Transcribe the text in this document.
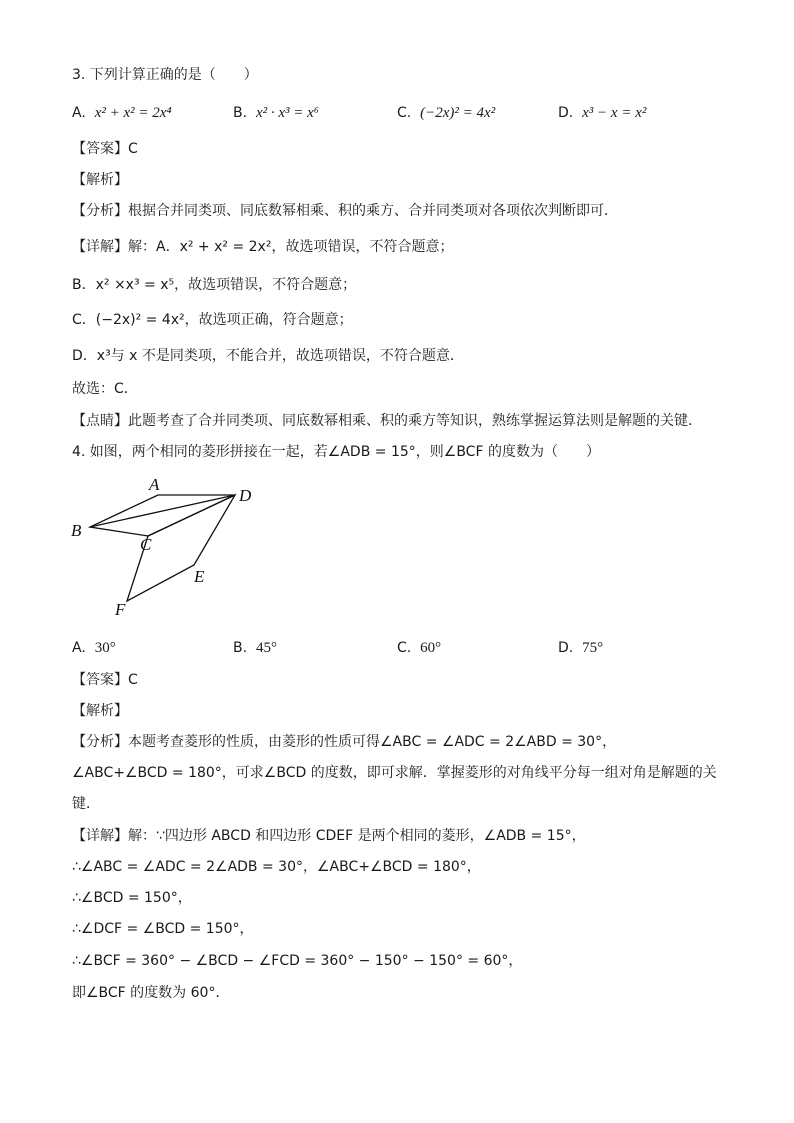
3. 下列计算正确的是（　　）
A. x² + x² = 2x⁴	B. x² · x³ = x⁶	C. (−2x)² = 4x²	D. x³ − x = x²
【答案】C
【解析】
【分析】根据合并同类项、同底数幂相乘、积的乘方、合并同类项对各项依次判断即可．
【详解】解：A．x² + x² = 2x²，故选项错误，不符合题意；
B．x² ×x³ = x⁵，故选项错误，不符合题意；
C．(−2x)² = 4x²，故选项正确，符合题意；
D．x³与 x 不是同类项，不能合并，故选项错误，不符合题意．
故选：C．
【点睛】此题考查了合并同类项、同底数幂相乘、积的乘方等知识，熟练掌握运算法则是解题的关键．
4. 如图，两个相同的菱形拼接在一起，若∠ADB = 15°，则∠BCF 的度数为（　　）
A
D
B
C
E
F
A. 30°	B. 45°	C. 60°	D. 75°
【答案】C
【解析】
【分析】本题考查菱形的性质，由菱形的性质可得∠ABC = ∠ADC = 2∠ABD = 30°，
∠ABC+∠BCD = 180°，可求∠BCD 的度数，即可求解．掌握菱形的对角线平分每一组对角是解题的关
键．
【详解】解：∵四边形 ABCD 和四边形 CDEF 是两个相同的菱形，∠ADB = 15°，
∴∠ABC = ∠ADC = 2∠ADB = 30°，∠ABC+∠BCD = 180°，
∴∠BCD = 150°，
∴∠DCF = ∠BCD = 150°，
∴∠BCF = 360° − ∠BCD − ∠FCD = 360° − 150° − 150° = 60°，
即∠BCF 的度数为 60°．
